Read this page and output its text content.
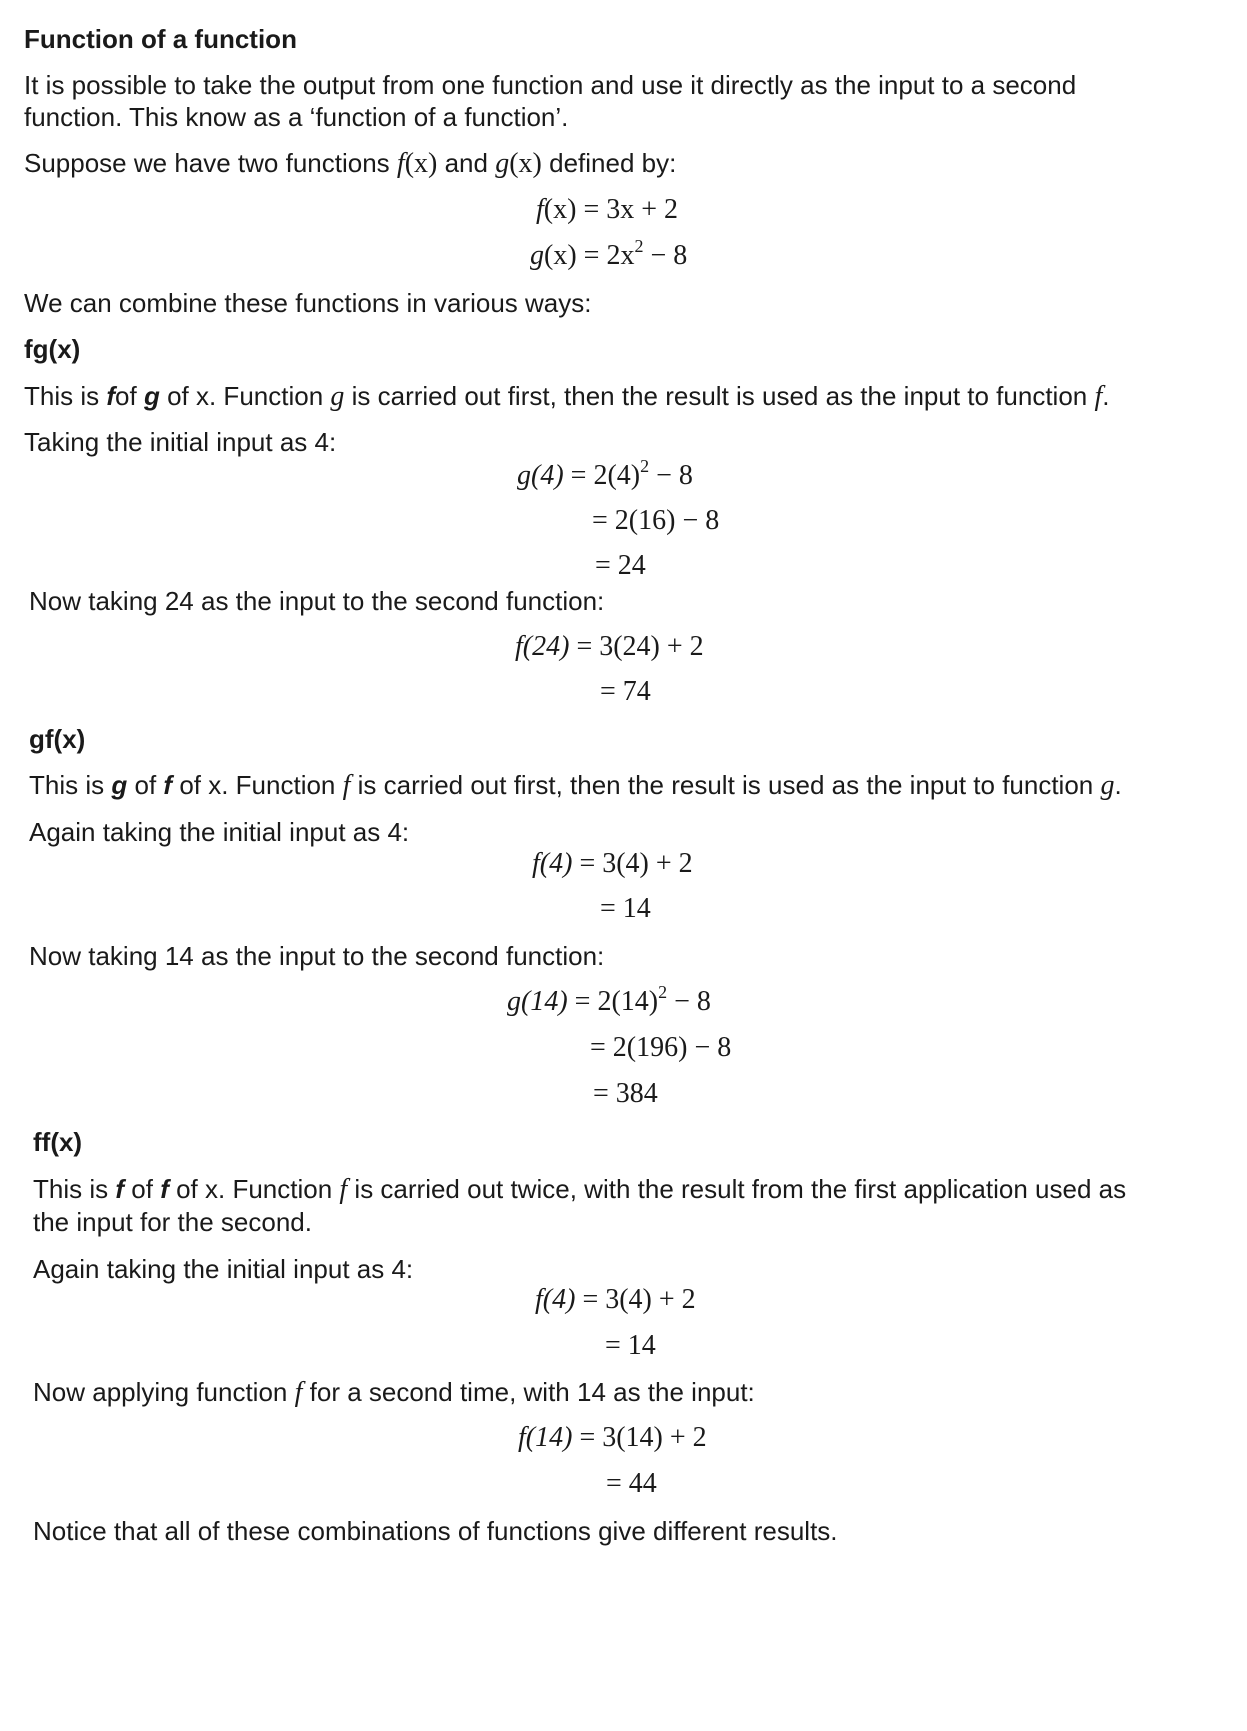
Function of a function
It is possible to take the output from one function and use it directly as the input to a second
function. This know as a ‘function of a function’.
Suppose we have two functions f(x) and g(x) defined by:
f(x) = 3x + 2
$g(x) = 2x^2 - 8$
We can combine these functions in various ways:
fg(x)
This is fof g of x. Function g is carried out first, then the result is used as the input to function f.
Taking the initial input as 4:
$g(4) = 2(4)^2 - 8$
= 2(16) − 8
= 24
Now taking 24 as the input to the second function:
f(24) = 3(24) + 2
= 74
gf(x)
This is g of f of x. Function f is carried out first, then the result is used as the input to function g.
Again taking the initial input as 4:
f(4) = 3(4) + 2
= 14
Now taking 14 as the input to the second function:
$g(14) = 2(14)^2 - 8$
= 2(196) − 8
= 384
ff(x)
This is f of f of x. Function f is carried out twice, with the result from the first application used as
the input for the second.
Again taking the initial input as 4:
f(4) = 3(4) + 2
= 14
Now applying function f for a second time, with 14 as the input:
f(14) = 3(14) + 2
= 44
Notice that all of these combinations of functions give different results.
